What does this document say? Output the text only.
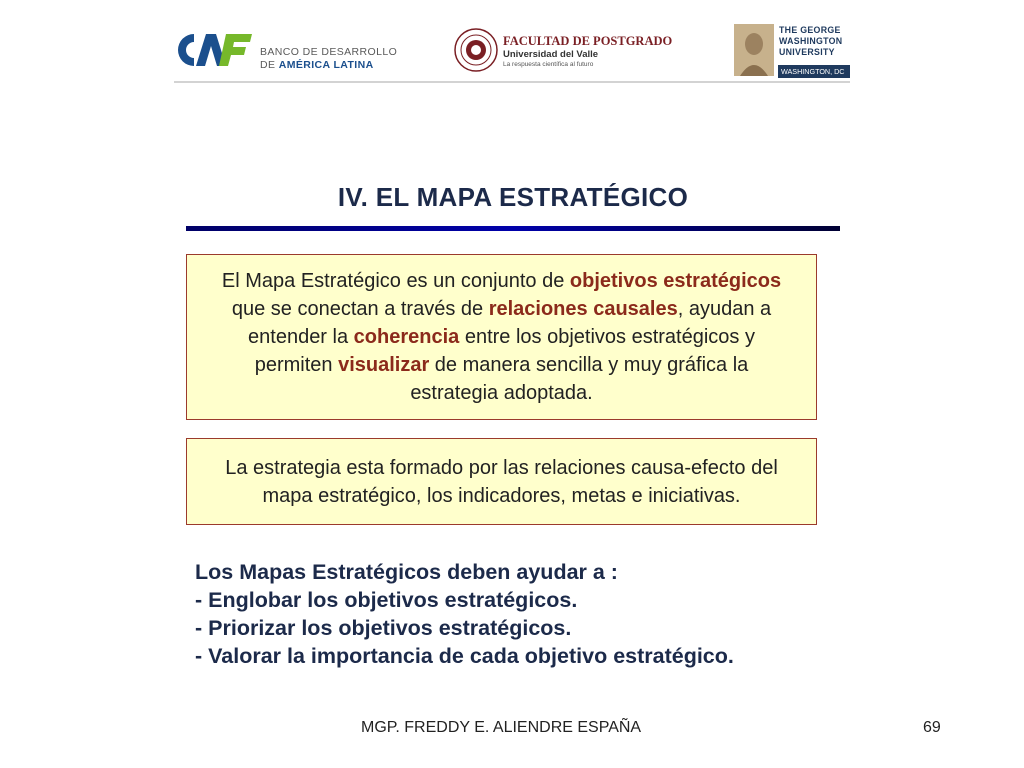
BANCO DE DESARROLLO
DE AMÉRICA LATINA
FACULTAD DE POSTGRADO
Universidad del Valle
La respuesta científica al futuro
THE GEORGE
WASHINGTON
UNIVERSITY
WASHINGTON, DC
IV. EL MAPA ESTRATÉGICO
El Mapa Estratégico es un conjunto de objetivos estratégicos que se conectan a través de relaciones causales, ayudan a entender la coherencia entre los objetivos estratégicos y permiten visualizar de manera sencilla y muy gráfica la estrategia adoptada.
La estrategia esta formado por las relaciones causa-efecto del mapa estratégico, los indicadores, metas e iniciativas.
Los Mapas Estratégicos deben ayudar a :
- Englobar los objetivos estratégicos.
- Priorizar los objetivos estratégicos.
- Valorar la importancia de cada objetivo estratégico.
MGP. FREDDY E. ALIENDRE ESPAÑA	69
